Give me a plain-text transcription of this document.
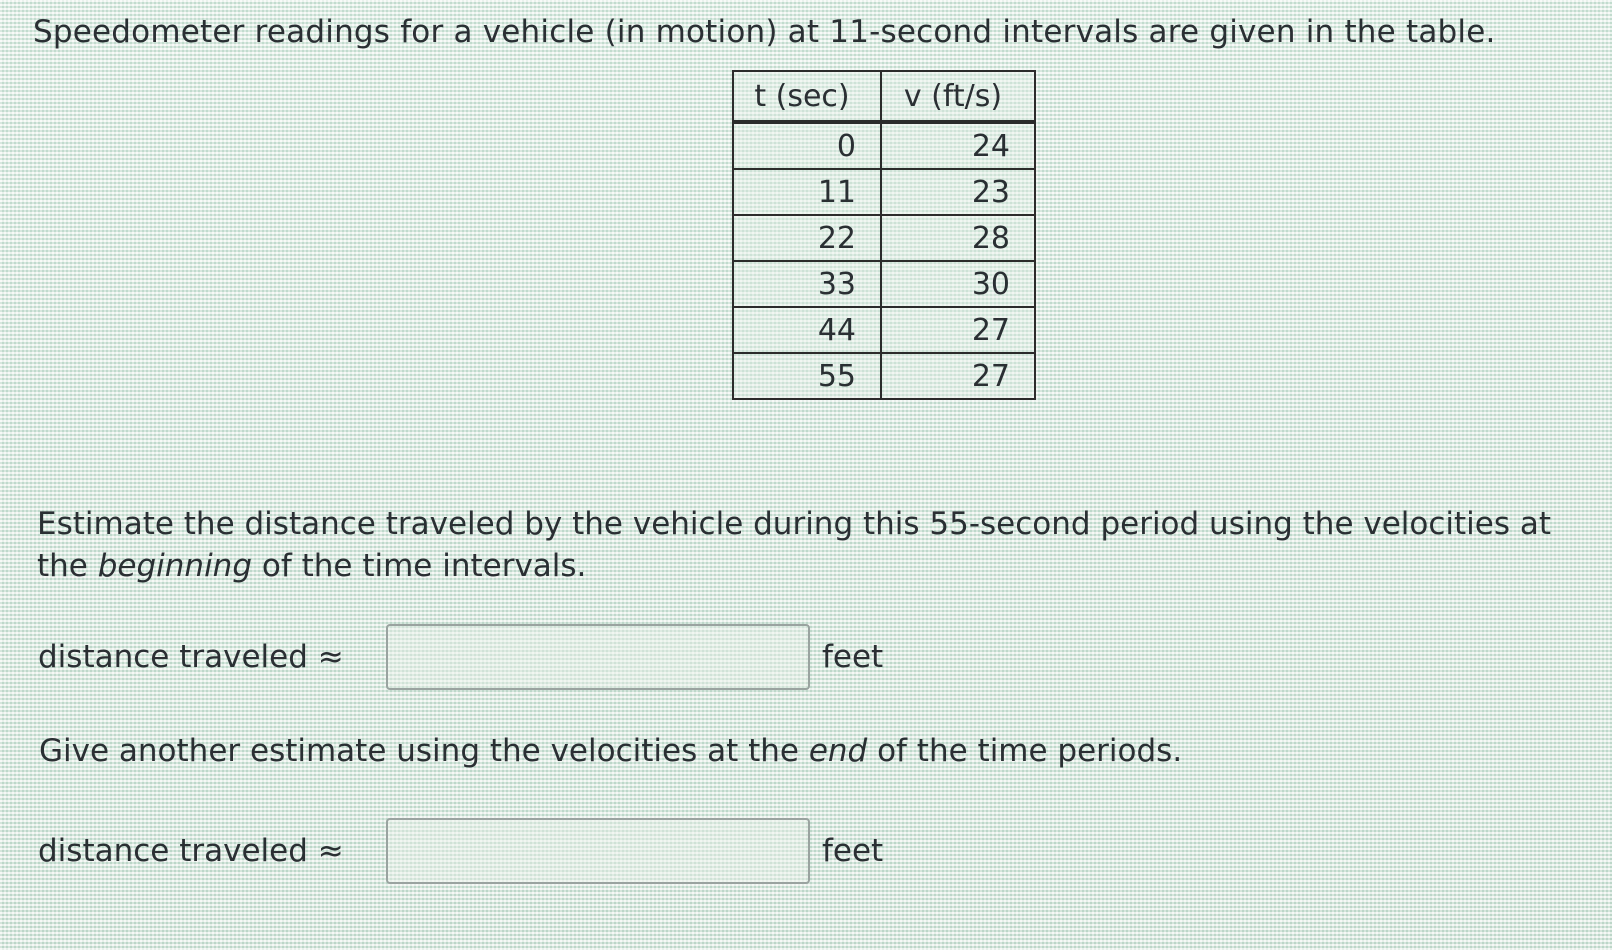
Speedometer readings for a vehicle (in motion) at 11-second intervals are given in the table.
t (sec)	v (ft/s)
0	24
11	23
22	28
33	30
44	27
55	27
Estimate the distance traveled by the vehicle during this 55-second period using the velocities at the beginning of the time intervals.
distance traveled ≈	feet
Give another estimate using the velocities at the end of the time periods.
distance traveled ≈	feet
